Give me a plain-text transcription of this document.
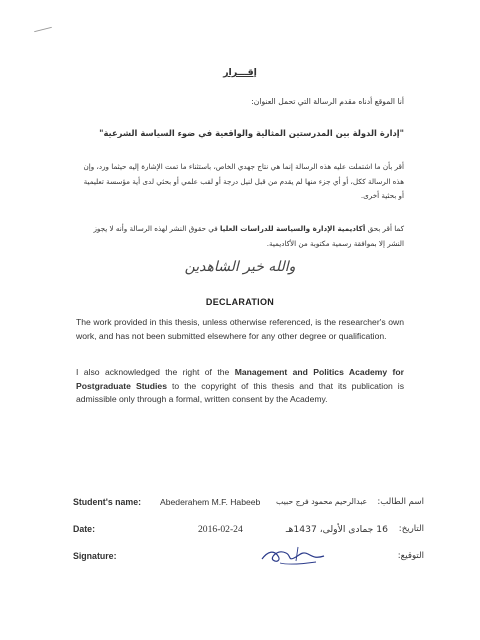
إقـــرار
أنا الموقع أدناه مقدم الرسالة التي تحمل العنوان:
"إدارة الدولة بين المدرستين المثالية والواقعية في ضوء السياسة الشرعية"
أقر بأن ما اشتملت عليه هذه الرسالة إنما هي نتاج جهدي الخاص، باستثناء ما تمت الإشارة إليه حيثما ورد، وإن هذه الرسالة ككل، أو أي جزء منها لم يقدم من قبل لنيل درجة أو لقب علمي أو بحثي لدى أية مؤسسة تعليمية أو بحثية أخرى.
كما أقر بحق أكاديمية الإدارة والسياسة للدراسات العليا في حقوق النشر لهذه الرسالة وأنه لا يجوز النشر إلا بموافقة رسمية مكتوبة من الأكاديمية.
والله خير الشاهدين
DECLARATION
The work provided in this thesis, unless otherwise referenced, is the researcher's own work, and has not been submitted elsewhere for any other degree or qualification.
I also acknowledged the right of the Management and Politics Academy for Postgraduate Studies to the copyright of this thesis and that its publication is admissible only through a formal, written consent by the Academy.
Student's name: Abederahem M.F. Habeeb عبدالرحيم محمود فرج حبيب اسم الطالب:
Date:	2016-02-24	16 جمادى الأولى، 1437هـ التاريخ:
Signature:	التوقيع:
